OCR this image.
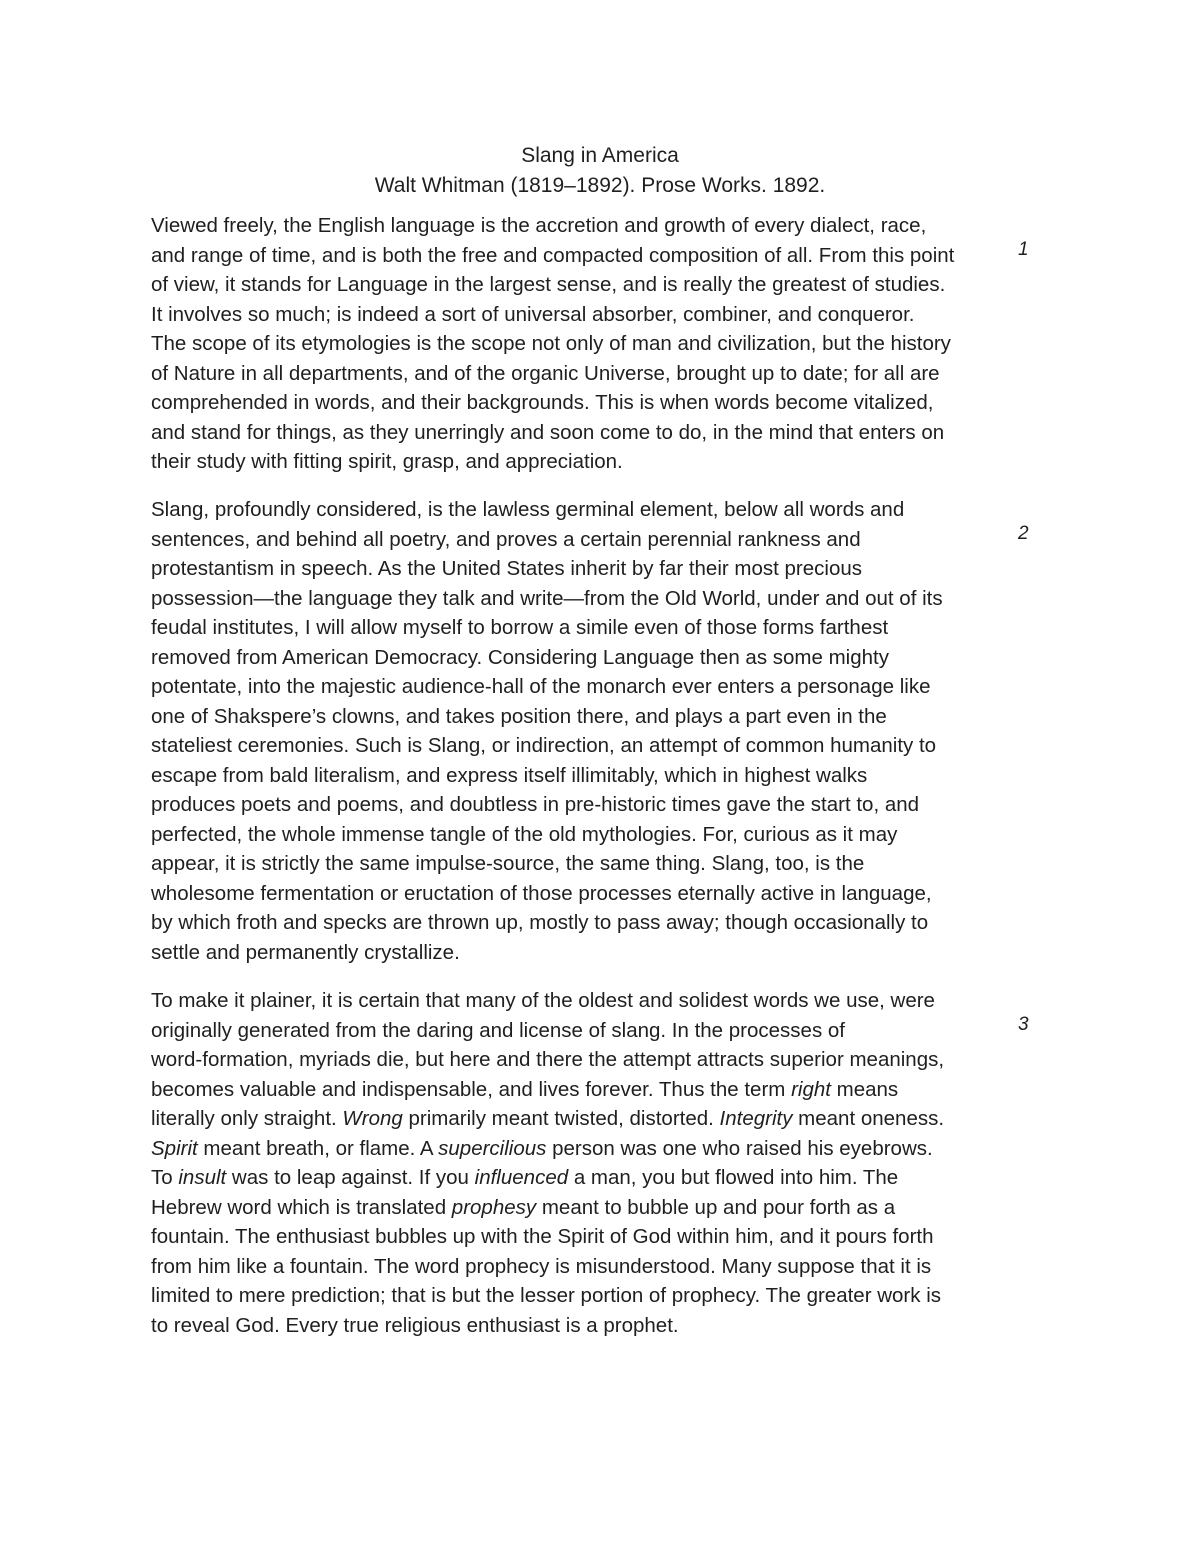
Slang in America
Walt Whitman (1819–1892). Prose Works. 1892.
Viewed freely, the English language is the accretion and growth of every dialect, race,
and range of time, and is both the free and compacted composition of all. From this point
of view, it stands for Language in the largest sense, and is really the greatest of studies.
It involves so much; is indeed a sort of universal absorber, combiner, and conqueror.
The scope of its etymologies is the scope not only of man and civilization, but the history
of Nature in all departments, and of the organic Universe, brought up to date; for all are
comprehended in words, and their backgrounds. This is when words become vitalized,
and stand for things, as they unerringly and soon come to do, in the mind that enters on
their study with fitting spirit, grasp, and appreciation.
1
Slang, profoundly considered, is the lawless germinal element, below all words and
sentences, and behind all poetry, and proves a certain perennial rankness and
protestantism in speech. As the United States inherit by far their most precious
possession—the language they talk and write—from the Old World, under and out of its
feudal institutes, I will allow myself to borrow a simile even of those forms farthest
removed from American Democracy. Considering Language then as some mighty
potentate, into the majestic audience-hall of the monarch ever enters a personage like
one of Shakspere’s clowns, and takes position there, and plays a part even in the
stateliest ceremonies. Such is Slang, or indirection, an attempt of common humanity to
escape from bald literalism, and express itself illimitably, which in highest walks
produces poets and poems, and doubtless in pre-historic times gave the start to, and
perfected, the whole immense tangle of the old mythologies. For, curious as it may
appear, it is strictly the same impulse-source, the same thing. Slang, too, is the
wholesome fermentation or eructation of those processes eternally active in language,
by which froth and specks are thrown up, mostly to pass away; though occasionally to
settle and permanently crystallize.
2
To make it plainer, it is certain that many of the oldest and solidest words we use, were
originally generated from the daring and license of slang. In the processes of
word-formation, myriads die, but here and there the attempt attracts superior meanings,
becomes valuable and indispensable, and lives forever. Thus the term right means
literally only straight. Wrong primarily meant twisted, distorted. Integrity meant oneness.
Spirit meant breath, or flame. A supercilious person was one who raised his eyebrows.
To insult was to leap against. If you influenced a man, you but flowed into him. The
Hebrew word which is translated prophesy meant to bubble up and pour forth as a
fountain. The enthusiast bubbles up with the Spirit of God within him, and it pours forth
from him like a fountain. The word prophecy is misunderstood. Many suppose that it is
limited to mere prediction; that is but the lesser portion of prophecy. The greater work is
to reveal God. Every true religious enthusiast is a prophet.
3
